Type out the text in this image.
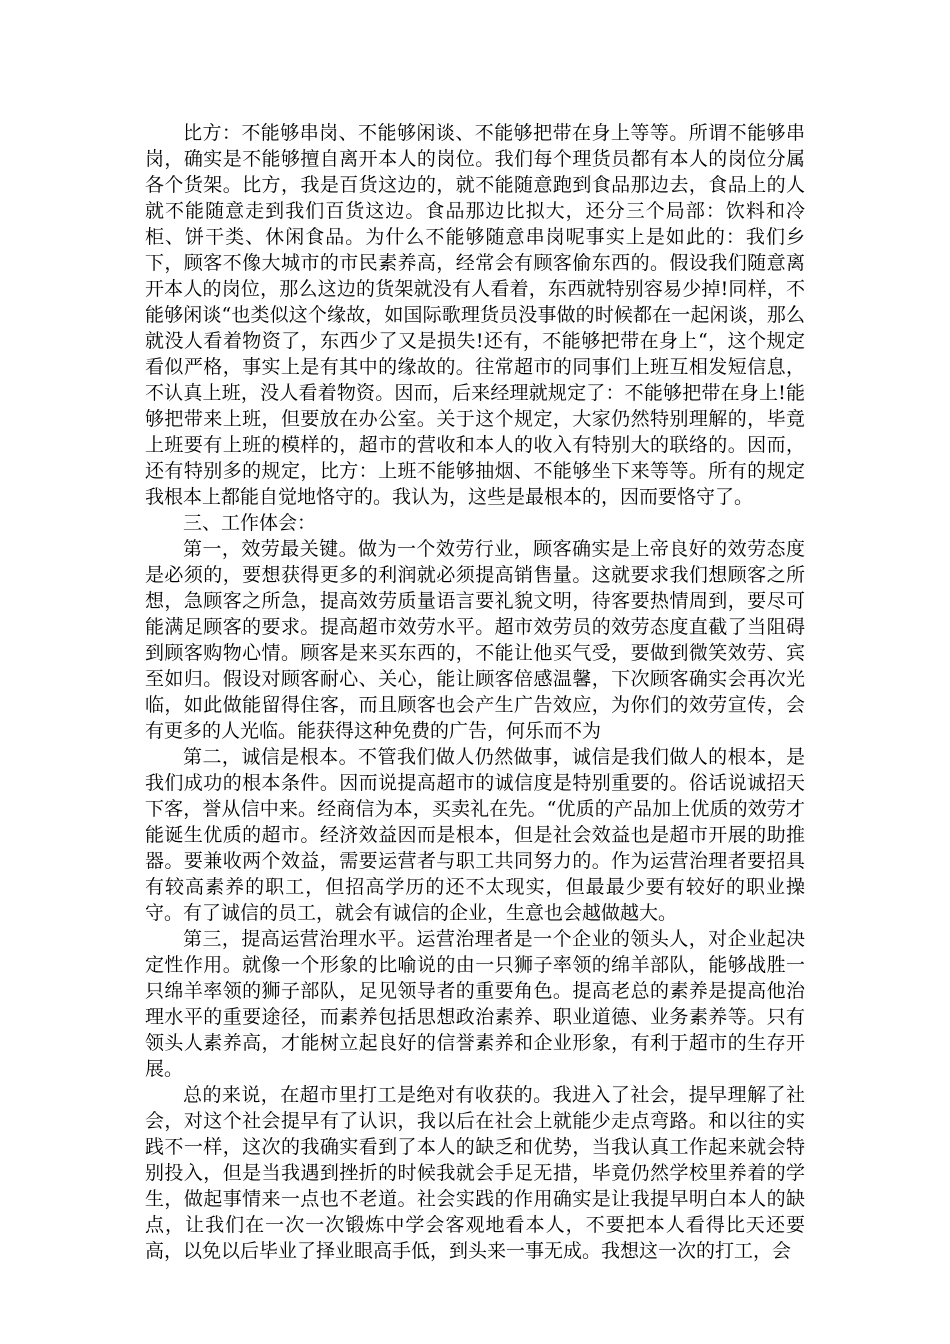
比方：不能够串岗、不能够闲谈、不能够把带在身上等等。所谓不能够串岗，确实是不能够擅自离开本人的岗位。我们每个理货员都有本人的岗位分属各个货架。比方，我是百货这边的，就不能随意跑到食品那边去，食品上的人就不能随意走到我们百货这边。食品那边比拟大，还分三个局部：饮料和冷柜、饼干类、休闲食品。为什么不能够随意串岗呢事实上是如此的：我们乡下，顾客不像大城市的市民素养高，经常会有顾客偷东西的。假设我们随意离开本人的岗位，那么这边的货架就没有人看着，东西就特别容易少掉!同样，不能够闲谈“也类似这个缘故，如国际歌理货员没事做的时候都在一起闲谈，那么就没人看着物资了，东西少了又是损失!还有，不能够把带在身上“，这个规定看似严格，事实上是有其中的缘故的。往常超市的同事们上班互相发短信息，不认真上班，没人看着物资。因而，后来经理就规定了：不能够把带在身上!能够把带来上班，但要放在办公室。关于这个规定，大家仍然特别理解的，毕竟上班要有上班的模样的，超市的营收和本人的收入有特别大的联络的。因而，还有特别多的规定，比方：上班不能够抽烟、不能够坐下来等等。所有的规定我根本上都能自觉地恪守的。我认为，这些是最根本的，因而要恪守了。

三、工作体会：

第一，效劳最关键。做为一个效劳行业，顾客确实是上帝良好的效劳态度是必须的，要想获得更多的利润就必须提高销售量。这就要求我们想顾客之所想，急顾客之所急，提高效劳质量语言要礼貌文明，待客要热情周到，要尽可能满足顾客的要求。提高超市效劳水平。超市效劳员的效劳态度直截了当阻碍到顾客购物心情。顾客是来买东西的，不能让他买气受，要做到微笑效劳、宾至如归。假设对顾客耐心、关心，能让顾客倍感温馨，下次顾客确实会再次光临，如此做能留得住客，而且顾客也会产生广告效应，为你们的效劳宣传，会有更多的人光临。能获得这种免费的广告，何乐而不为

第二，诚信是根本。不管我们做人仍然做事，诚信是我们做人的根本，是我们成功的根本条件。因而说提高超市的诚信度是特别重要的。俗话说诚招天下客，誉从信中来。经商信为本，买卖礼在先。“优质的产品加上优质的效劳才能诞生优质的超市。经济效益因而是根本，但是社会效益也是超市开展的助推器。要兼收两个效益，需要运营者与职工共同努力的。作为运营治理者要招具有较高素养的职工，但招高学历的还不太现实，但最最少要有较好的职业操守。有了诚信的员工，就会有诚信的企业，生意也会越做越大。

第三，提高运营治理水平。运营治理者是一个企业的领头人，对企业起决定性作用。就像一个形象的比喻说的由一只狮子率领的绵羊部队，能够战胜一只绵羊率领的狮子部队，足见领导者的重要角色。提高老总的素养是提高他治理水平的重要途径，而素养包括思想政治素养、职业道德、业务素养等。只有领头人素养高，才能树立起良好的信誉素养和企业形象，有利于超市的生存开展。

总的来说，在超市里打工是绝对有收获的。我进入了社会，提早理解了社会，对这个社会提早有了认识，我以后在社会上就能少走点弯路。和以往的实践不一样，这次的我确实看到了本人的缺乏和优势，当我认真工作起来就会特别投入，但是当我遇到挫折的时候我就会手足无措，毕竟仍然学校里养着的学生，做起事情来一点也不老道。社会实践的作用确实是让我提早明白本人的缺点，让我们在一次一次锻炼中学会客观地看本人，不要把本人看得比天还要高，以免以后毕业了择业眼高手低，到头来一事无成。我想这一次的打工，会
